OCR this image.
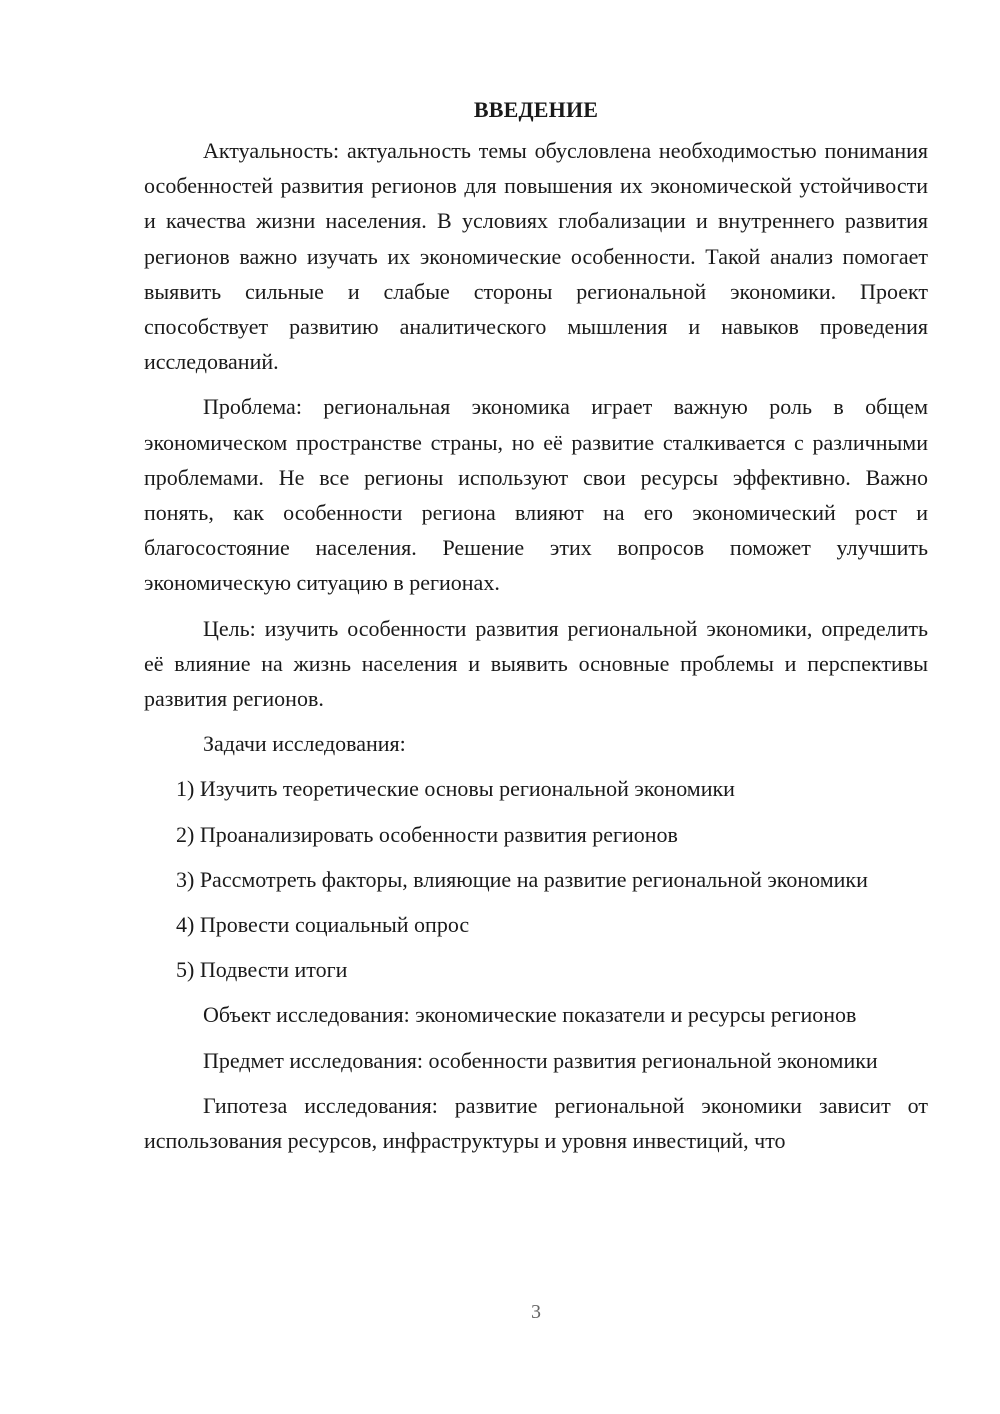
ВВЕДЕНИЕ

Актуальность: актуальность темы обусловлена необходимостью понимания особенностей развития регионов для повышения их экономической устойчивости и качества жизни населения. В условиях глобализации и внутреннего развития регионов важно изучать их экономические особенности. Такой анализ помогает выявить сильные и слабые стороны региональной экономики. Проект способствует развитию аналитического мышления и навыков проведения исследований.

Проблема: региональная экономика играет важную роль в общем экономическом пространстве страны, но её развитие сталкивается с различными проблемами. Не все регионы используют свои ресурсы эффективно. Важно понять, как особенности региона влияют на его экономический рост и благосостояние населения. Решение этих вопросов поможет улучшить экономическую ситуацию в регионах.

Цель: изучить особенности развития региональной экономики, определить её влияние на жизнь населения и выявить основные проблемы и перспективы развития регионов.

Задачи исследования:

1) Изучить теоретические основы региональной экономики

2) Проанализировать особенности развития регионов

3) Рассмотреть факторы, влияющие на развитие региональной экономики

4) Провести социальный опрос

5) Подвести итоги

Объект исследования: экономические показатели и ресурсы регионов

Предмет исследования: особенности развития региональной экономики

Гипотеза исследования: развитие региональной экономики зависит от использования ресурсов, инфраструктуры и уровня инвестиций, что

3
